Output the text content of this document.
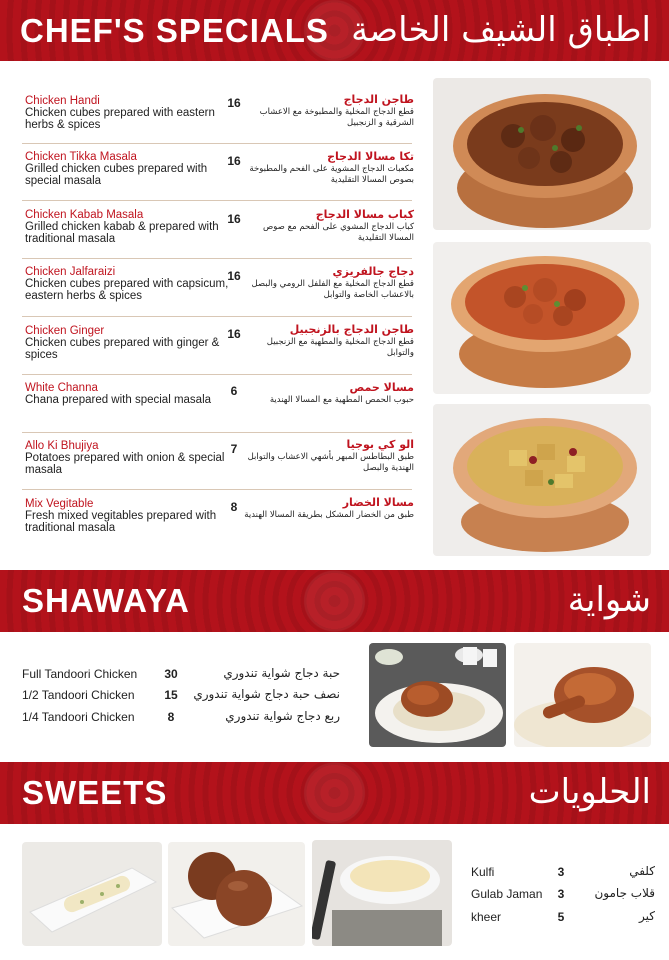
CHEF'S SPECIALS اطباق الشيف الخاصة
Chicken Handi
Chicken cubes prepared with eastern herbs & spices
16	طاجن الدجاج
قطع الدجاج المخلية والمطبوخة مع الاعشاب الشرقية و الزنجبيل
Chicken Tikka Masala
Grilled chicken cubes prepared with special masala
16	تكا مسالا الدجاج
مكعبات الدجاج المشوية على الفحم والمطبوخة بصوص المسالا التقليدية
Chicken Kabab Masala
Grilled chicken kabab & prepared with traditional masala
16	كباب مسالا الدجاج
كباب الدجاج المشوي على الفحم مع صوص المسالا التقليدية
Chicken Jalfaraizi
Chicken cubes prepared with capsicum, eastern herbs & spices
16	دجاج جالفريزي
قطع الدجاج المخلية مع الفلفل الرومي والبصل بالاعشاب الخاصة والتوابل
Chicken Ginger
Chicken cubes prepared with ginger & spices
16	طاجن الدجاج بالزنجبيل
قطع الدجاج المخلية والمطهية مع الزنجبيل والتوابل
White Channa
Chana prepared with special masala
6	مسالا حمص
حبوب الحمص المطهية مع المسالا الهندية
Allo Ki Bhujiya
Potatoes prepared with onion & special masala
7	الو كي بوجيا
طبق البطاطس المبهر بأشهي الاعشاب والتوابل الهندية والبصل
Mix Vegitable
Fresh mixed vegitables prepared with traditional masala
8	مسالا الخضار
طبق من الخضار المشكل بطريقة المسالا الهندية
SHAWAYA	شواية
Full Tandoori Chicken	30	حبة دجاج شواية تندوري
1/2 Tandoori Chicken	15	نصف حبة دجاج شواية تندوري
1/4 Tandoori Chicken	8	ربع دجاج شواية تندوري
SWEETS	الحلويات
Kulfi	3	كلفي
Gulab Jaman	3	قلاب جامون
kheer	5	كير
